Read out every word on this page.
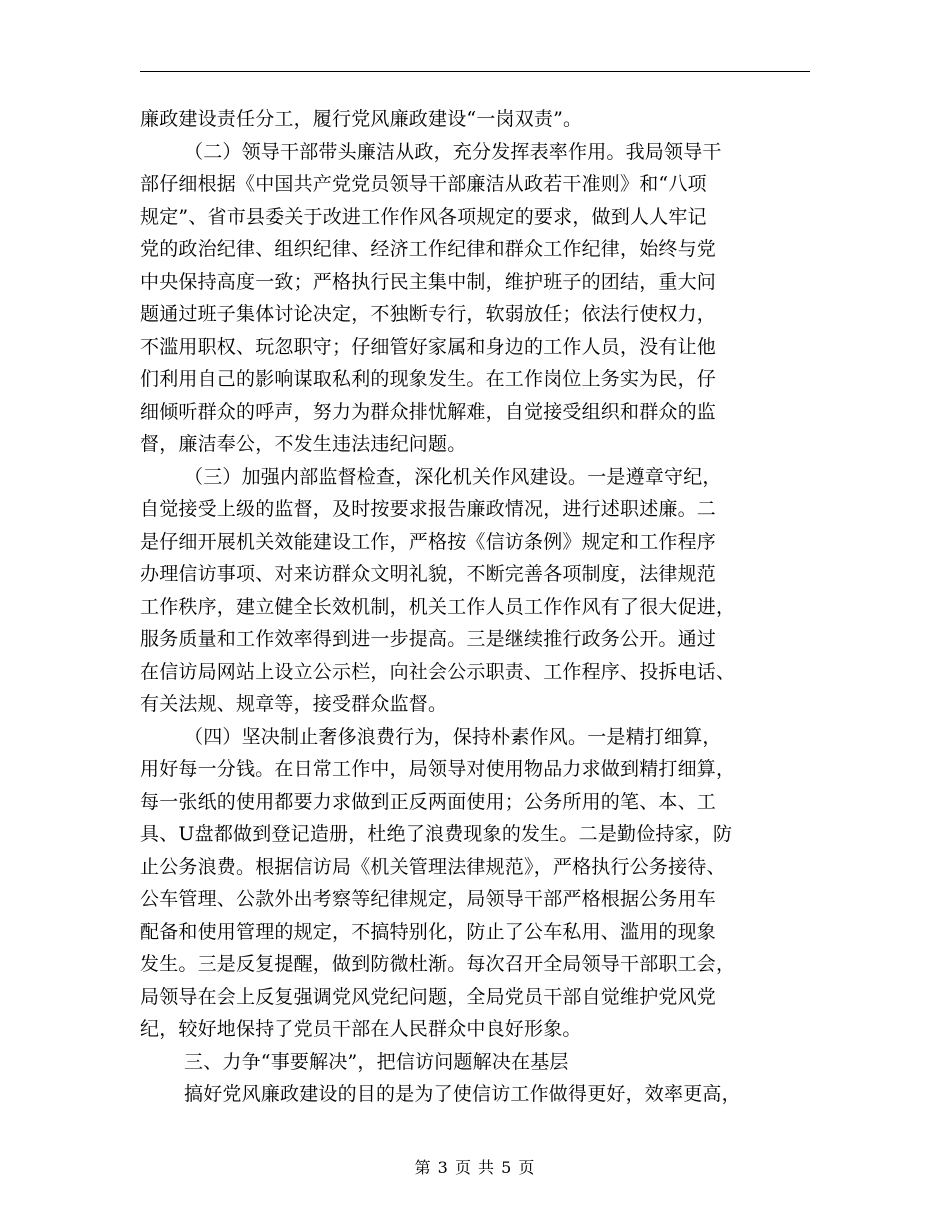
廉政建设责任分工，履行党风廉政建设“一岗双责”。
（二）领导干部带头廉洁从政，充分发挥表率作用。我局领导干
部仔细根据《中国共产党党员领导干部廉洁从政若干准则》和“八项
规定”、省市县委关于改进工作作风各项规定的要求，做到人人牢记
党的政治纪律、组织纪律、经济工作纪律和群众工作纪律，始终与党
中央保持高度一致；严格执行民主集中制，维护班子的团结，重大问
题通过班子集体讨论决定，不独断专行，软弱放任；依法行使权力，
不滥用职权、玩忽职守；仔细管好家属和身边的工作人员，没有让他
们利用自己的影响谋取私利的现象发生。在工作岗位上务实为民，仔
细倾听群众的呼声，努力为群众排忧解难，自觉接受组织和群众的监
督，廉洁奉公，不发生违法违纪问题。
（三）加强内部监督检查，深化机关作风建设。一是遵章守纪，
自觉接受上级的监督，及时按要求报告廉政情况，进行述职述廉。二
是仔细开展机关效能建设工作，严格按《信访条例》规定和工作程序
办理信访事项、对来访群众文明礼貌，不断完善各项制度，法律规范
工作秩序，建立健全长效机制，机关工作人员工作作风有了很大促进，
服务质量和工作效率得到进一步提高。三是继续推行政务公开。通过
在信访局网站上设立公示栏，向社会公示职责、工作程序、投拆电话、
有关法规、规章等，接受群众监督。
（四）坚决制止奢侈浪费行为，保持朴素作风。一是精打细算，
用好每一分钱。在日常工作中，局领导对使用物品力求做到精打细算，
每一张纸的使用都要力求做到正反两面使用；公务所用的笔、本、工
具、U盘都做到登记造册，杜绝了浪费现象的发生。二是勤俭持家，防
止公务浪费。根据信访局《机关管理法律规范》，严格执行公务接待、
公车管理、公款外出考察等纪律规定，局领导干部严格根据公务用车
配备和使用管理的规定，不搞特别化，防止了公车私用、滥用的现象
发生。三是反复提醒，做到防微杜渐。每次召开全局领导干部职工会，
局领导在会上反复强调党风党纪问题，全局党员干部自觉维护党风党
纪，较好地保持了党员干部在人民群众中良好形象。
三、力争“事要解决”，把信访问题解决在基层
搞好党风廉政建设的目的是为了使信访工作做得更好，效率更高，
第 3 页 共 5 页
